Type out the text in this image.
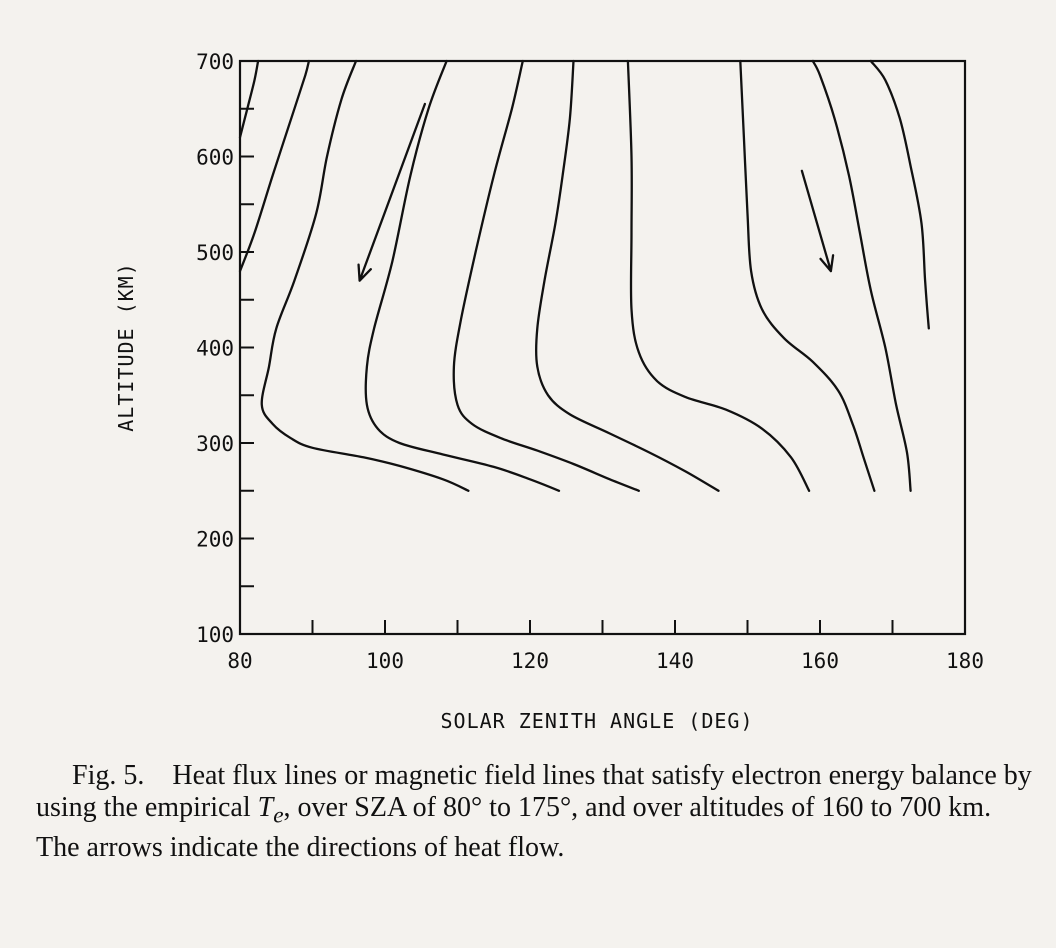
80	100	120	140	160	180
100
200
300
400
500
600
700
SOLAR ZENITH ANGLE (DEG)
ALTITUDE (KM)
Fig. 5. Heat flux lines or magnetic field lines that satisfy electron energy balance by using the empirical $T_e$, over SZA of 80° to 175°, and over altitudes of 160 to 700 km. The arrows indicate the directions of heat flow.
